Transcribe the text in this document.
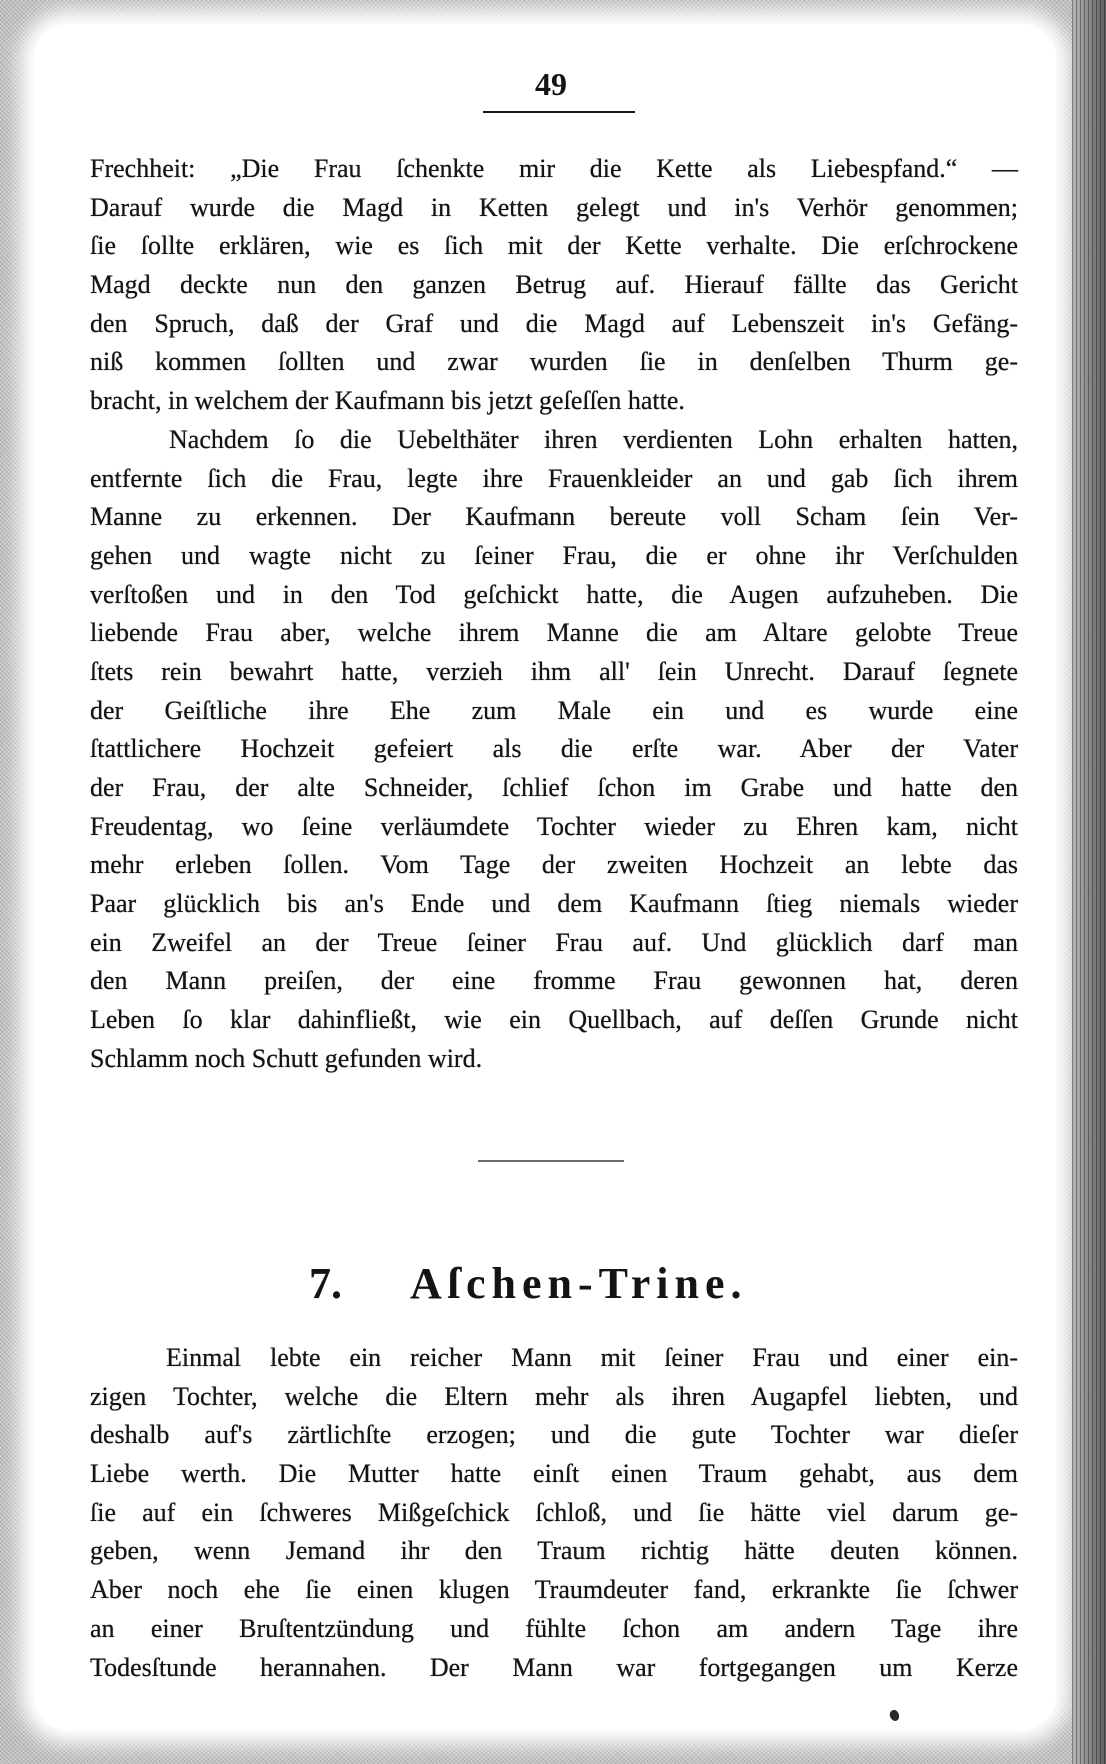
49
Frechheit: „Die Frau ſchenkte mir die Kette als Liebespfand.“ —
Darauf wurde die Magd in Ketten gelegt und in's Verhör genommen;
ſie ſollte erklären, wie es ſich mit der Kette verhalte. Die erſchrockene
Magd deckte nun den ganzen Betrug auf. Hierauf fällte das Gericht
den Spruch, daß der Graf und die Magd auf Lebenszeit in's Gefäng-
niß kommen ſollten und zwar wurden ſie in denſelben Thurm ge-
bracht, in welchem der Kaufmann bis jetzt geſeſſen hatte.
Nachdem ſo die Uebelthäter ihren verdienten Lohn erhalten hatten,
entfernte ſich die Frau, legte ihre Frauenkleider an und gab ſich ihrem
Manne zu erkennen. Der Kaufmann bereute voll Scham ſein Ver-
gehen und wagte nicht zu ſeiner Frau, die er ohne ihr Verſchulden
verſtoßen und in den Tod geſchickt hatte, die Augen aufzuheben. Die
liebende Frau aber, welche ihrem Manne die am Altare gelobte Treue
ſtets rein bewahrt hatte, verzieh ihm all' ſein Unrecht. Darauf ſegnete
der Geiſtliche ihre Ehe zum Male ein und es wurde eine
ſtattlichere Hochzeit gefeiert als die erſte war. Aber der Vater
der Frau, der alte Schneider, ſchlief ſchon im Grabe und hatte den
Freudentag, wo ſeine verläumdete Tochter wieder zu Ehren kam, nicht
mehr erleben ſollen. Vom Tage der zweiten Hochzeit an lebte das
Paar glücklich bis an's Ende und dem Kaufmann ſtieg niemals wieder
ein Zweifel an der Treue ſeiner Frau auf. Und glücklich darf man
den Mann preiſen, der eine fromme Frau gewonnen hat, deren
Leben ſo klar dahinfließt, wie ein Quellbach, auf deſſen Grunde nicht
Schlamm noch Schutt gefunden wird.
7. Aſchen-Trine.
Einmal lebte ein reicher Mann mit ſeiner Frau und einer ein-
zigen Tochter, welche die Eltern mehr als ihren Augapfel liebten, und
deshalb auf's zärtlichſte erzogen; und die gute Tochter war dieſer
Liebe werth. Die Mutter hatte einſt einen Traum gehabt, aus dem
ſie auf ein ſchweres Mißgeſchick ſchloß, und ſie hätte viel darum ge-
geben, wenn Jemand ihr den Traum richtig hätte deuten können.
Aber noch ehe ſie einen klugen Traumdeuter fand, erkrankte ſie ſchwer
an einer Bruſtentzündung und fühlte ſchon am andern Tage ihre
Todesſtunde herannahen. Der Mann war fortgegangen um Kerze
